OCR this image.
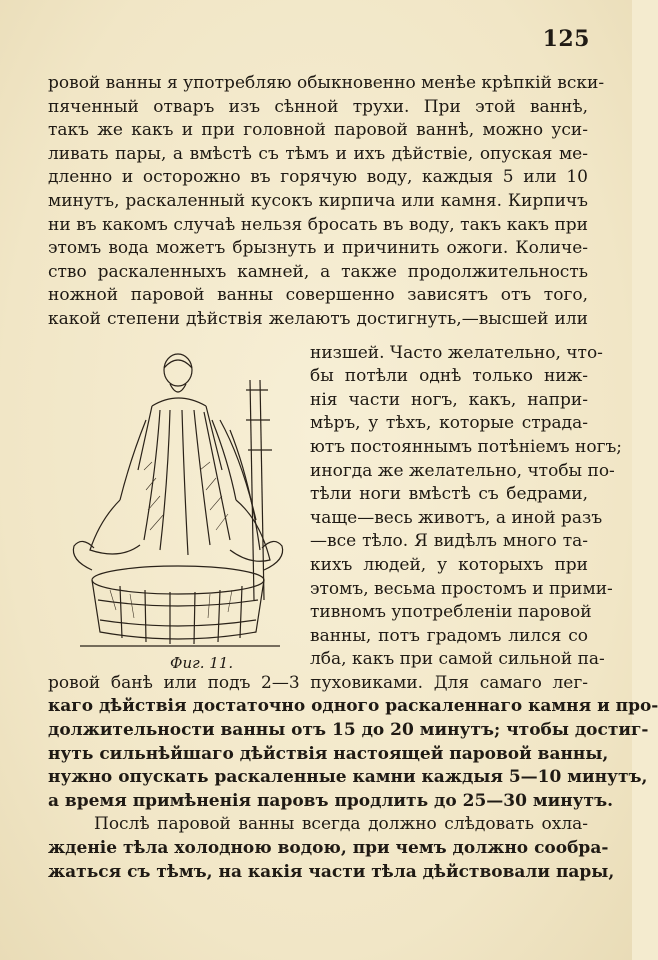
125
ровой ванны я употребляю обыкновенно менѣе крѣпкій вски-
пяченный отваръ изъ сѣнной трухи. При этой ваннѣ,
такъ же какъ и при головной паровой ваннѣ, можно уси-
ливать пары, а вмѣстѣ съ тѣмъ и ихъ дѣйствіе, опуская ме-
дленно и осторожно въ горячую воду, каждыя 5 или 10
минутъ, раскаленный кусокъ кирпича или камня. Кирпичъ
ни въ какомъ случаѣ нельзя бросать въ воду, такъ какъ при
этомъ вода можетъ брызнуть и причинить ожоги. Количе-
ство раскаленныхъ камней, а также продолжительность
ножной паровой ванны совершенно зависятъ отъ того,
какой степени дѣйствія желаютъ достигнуть,—высшей или
низшей. Часто желательно, что-
бы потѣли однѣ только ниж-
нія части ногъ, какъ, напри-
мѣръ, у тѣхъ, которые страда-
ютъ постояннымъ потѣніемъ ногъ;
иногда же желательно, чтобы по-
тѣли ноги вмѣстѣ съ бедрами,
чаще—весь животъ, а иной разъ
—все тѣло. Я видѣлъ много та-
кихъ людей, у которыхъ при
этомъ, весьма простомъ и прими-
тивномъ употребленіи паровой
ванны, потъ градомъ лился со
лба, какъ при самой сильной па-
Фиг. 11.
ровой банѣ или подъ 2—3 пуховиками. Для самаго лег-
каго дѣйствія достаточно одного раскаленнаго камня и про-
должительности ванны отъ 15 до 20 минутъ; чтобы достиг-
нуть сильнѣйшаго дѣйствія настоящей паровой ванны,
нужно опускать раскаленные камни каждыя 5—10 минутъ,
а время примѣненія паровъ продлить до 25—30 минутъ.
Послѣ паровой ванны всегда должно слѣдовать охла-
жденіе тѣла холодною водою, при чемъ должно сообра-
жаться съ тѣмъ, на какія части тѣла дѣйствовали пары,
